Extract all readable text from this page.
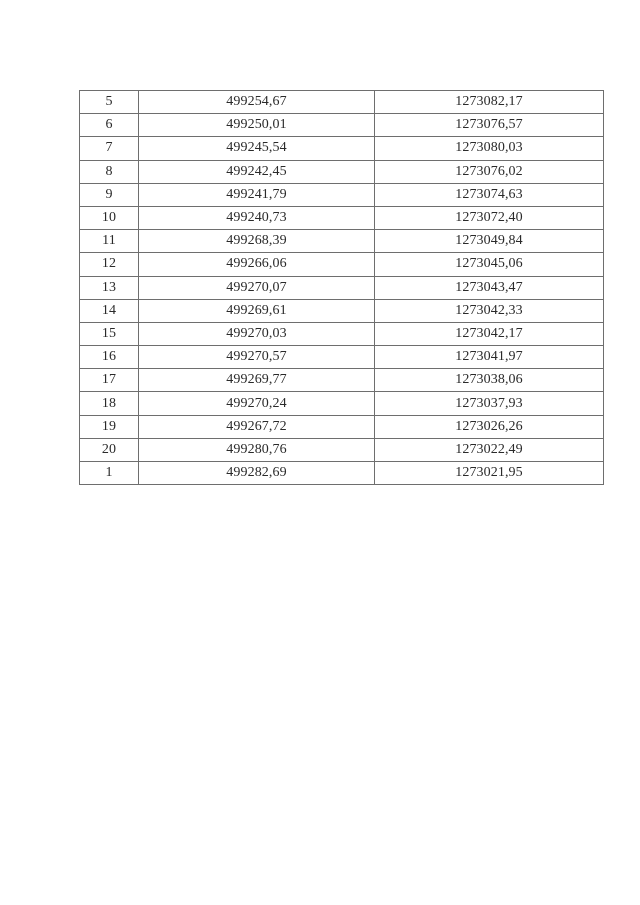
5	499254,67	1273082,17
6	499250,01	1273076,57
7	499245,54	1273080,03
8	499242,45	1273076,02
9	499241,79	1273074,63
10	499240,73	1273072,40
11	499268,39	1273049,84
12	499266,06	1273045,06
13	499270,07	1273043,47
14	499269,61	1273042,33
15	499270,03	1273042,17
16	499270,57	1273041,97
17	499269,77	1273038,06
18	499270,24	1273037,93
19	499267,72	1273026,26
20	499280,76	1273022,49
1	499282,69	1273021,95
